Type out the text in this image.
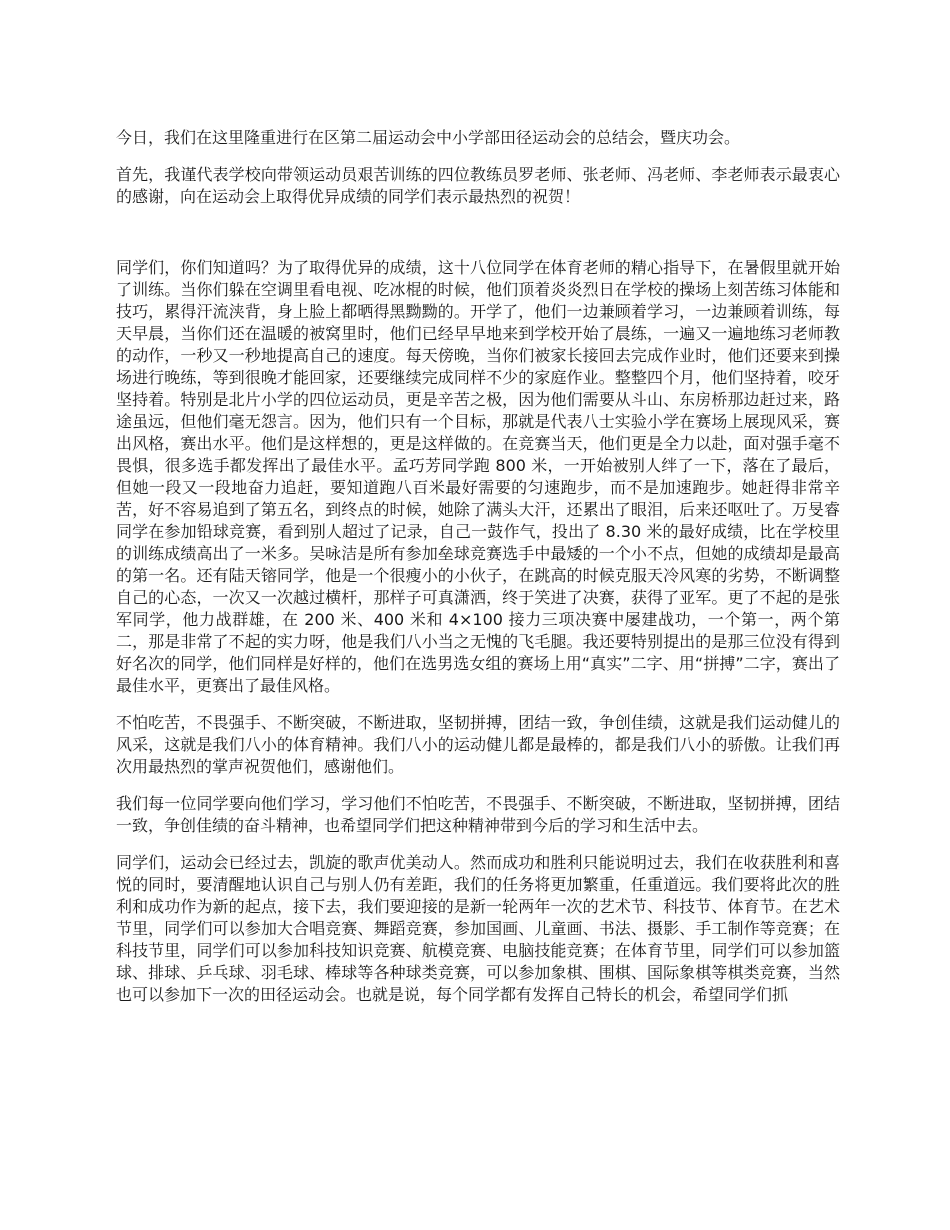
今日，我们在这里隆重进行在区第二届运动会中小学部田径运动会的总结会，暨庆功会。

首先，我谨代表学校向带领运动员艰苦训练的四位教练员罗老师、张老师、冯老师、李老师表示最衷心的感谢，向在运动会上取得优异成绩的同学们表示最热烈的祝贺！

同学们，你们知道吗？为了取得优异的成绩，这十八位同学在体育老师的精心指导下，在暑假里就开始了训练。当你们躲在空调里看电视、吃冰棍的时候，他们顶着炎炎烈日在学校的操场上刻苦练习体能和技巧，累得汗流浃背，身上脸上都晒得黑黝黝的。开学了，他们一边兼顾着学习，一边兼顾着训练，每天早晨，当你们还在温暖的被窝里时，他们已经早早地来到学校开始了晨练，一遍又一遍地练习老师教的动作，一秒又一秒地提高自己的速度。每天傍晚，当你们被家长接回去完成作业时，他们还要来到操场进行晚练，等到很晚才能回家，还要继续完成同样不少的家庭作业。整整四个月，他们坚持着，咬牙坚持着。特别是北片小学的四位运动员，更是辛苦之极，因为他们需要从斗山、东房桥那边赶过来，路途虽远，但他们毫无怨言。因为，他们只有一个目标，那就是代表八士实验小学在赛场上展现风采，赛出风格，赛出水平。他们是这样想的，更是这样做的。在竞赛当天，他们更是全力以赴，面对强手毫不畏惧，很多选手都发挥出了最佳水平。孟巧芳同学跑 800 米，一开始被别人绊了一下，落在了最后，但她一段又一段地奋力追赶，要知道跑八百米最好需要的匀速跑步，而不是加速跑步。她赶得非常辛苦，好不容易追到了第五名，到终点的时候，她除了满头大汗，还累出了眼泪，后来还呕吐了。万旻睿同学在参加铅球竞赛，看到别人超过了记录，自己一鼓作气，投出了 8.30 米的最好成绩，比在学校里的训练成绩高出了一米多。吴咏洁是所有参加垒球竞赛选手中最矮的一个小不点，但她的成绩却是最高的第一名。还有陆天镕同学，他是一个很瘦小的小伙子，在跳高的时候克服天冷风寒的劣势，不断调整自己的心态，一次又一次越过横杆，那样子可真潇洒，终于笑进了决赛，获得了亚军。更了不起的是张军同学，他力战群雄，在 200 米、400 米和 4×100 接力三项决赛中屡建战功，一个第一，两个第二，那是非常了不起的实力呀，他是我们八小当之无愧的飞毛腿。我还要特别提出的是那三位没有得到好名次的同学，他们同样是好样的，他们在选男选女组的赛场上用“真实”二字、用“拼搏”二字，赛出了最佳水平，更赛出了最佳风格。

不怕吃苦，不畏强手、不断突破，不断进取，坚韧拼搏，团结一致，争创佳绩，这就是我们运动健儿的风采，这就是我们八小的体育精神。我们八小的运动健儿都是最棒的，都是我们八小的骄傲。让我们再次用最热烈的掌声祝贺他们，感谢他们。

我们每一位同学要向他们学习，学习他们不怕吃苦，不畏强手、不断突破，不断进取，坚韧拼搏，团结一致，争创佳绩的奋斗精神，也希望同学们把这种精神带到今后的学习和生活中去。

同学们，运动会已经过去，凯旋的歌声优美动人。然而成功和胜利只能说明过去，我们在收获胜利和喜悦的同时，要清醒地认识自己与别人仍有差距，我们的任务将更加繁重，任重道远。我们要将此次的胜利和成功作为新的起点，接下去，我们要迎接的是新一轮两年一次的艺术节、科技节、体育节。在艺术节里，同学们可以参加大合唱竞赛、舞蹈竞赛，参加国画、儿童画、书法、摄影、手工制作等竞赛；在科技节里，同学们可以参加科技知识竞赛、航模竞赛、电脑技能竞赛；在体育节里，同学们可以参加篮球、排球、乒乓球、羽毛球、棒球等各种球类竞赛，可以参加象棋、围棋、国际象棋等棋类竞赛，当然也可以参加下一次的田径运动会。也就是说，每个同学都有发挥自己特长的机会，希望同学们抓
